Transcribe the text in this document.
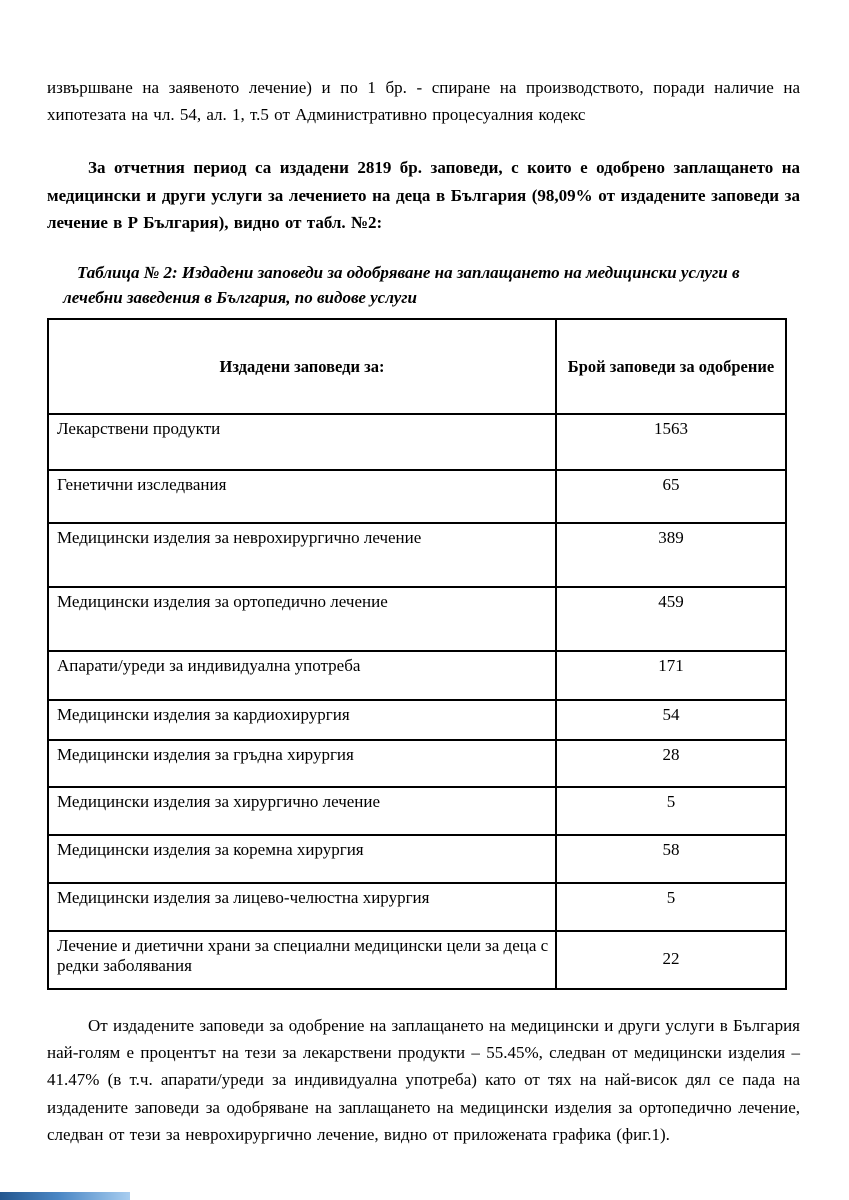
извършване на заявеното лечение) и по 1 бр. - спиране на производството, поради наличие на хипотезата на чл. 54, ал. 1, т.5 от Административно процесуалния кодекс

За отчетния период са издадени 2819 бр. заповеди, с които е одобрено заплащането на медицински и други услуги за лечението на деца в България (98,09% от издадените заповеди за лечение в Р България), видно от табл. №2:

Таблица № 2: Издадени заповеди за одобряване на заплащането на медицински услуги в лечебни заведения в България, по видове услуги

Издадени заповеди за:	Брой заповеди за одобрение
Лекарствени продукти	1563
Генетични изследвания	65
Медицински изделия за неврохирургично лечение	389
Медицински изделия за ортопедично лечение	459
Апарати/уреди за индивидуална употреба	171
Медицински изделия за кардиохирургия	54
Медицински изделия за гръдна хирургия	28
Медицински изделия за хирургично лечение	5
Медицински изделия за коремна хирургия	58
Медицински изделия за лицево-челюстна хирургия	5
Лечение и диетични храни за специални медицински цели за деца с редки заболявания	22

От издадените заповеди за одобрение на заплащането на медицински и други услуги в България най-голям е процентът на тези за лекарствени продукти – 55.45%, следван от медицински изделия – 41.47% (в т.ч. апарати/уреди за индивидуална употреба) като от тях на най-висок дял се пада на издадените заповеди за одобряване на заплащането на медицински изделия за ортопедично лечение, следван от тези за неврохирургично лечение, видно от приложената графика (фиг.1).
